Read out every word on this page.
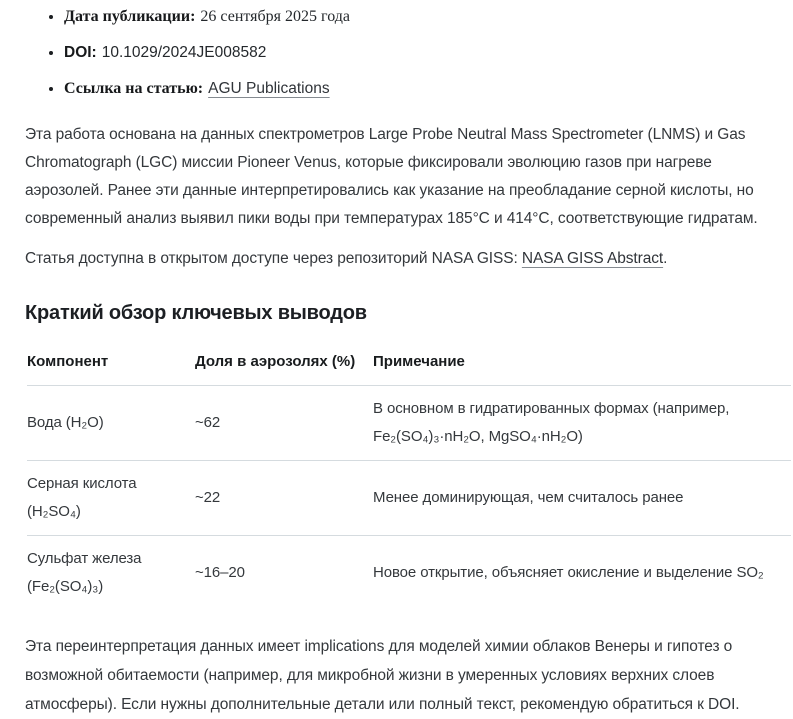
• Дата публикации: 26 сентября 2025 года
• DOI: 10.1029/2024JE008582
• Ссылка на статью: AGU Publications

Эта работа основана на данных спектрометров Large Probe Neutral Mass Spectrometer (LNMS) и Gas Chromatograph (LGC) миссии Pioneer Venus, которые фиксировали эволюцию газов при нагреве аэрозолей. Ранее эти данные интерпретировались как указание на преобладание серной кислоты, но современный анализ выявил пики воды при температурах 185°C и 414°C, соответствующие гидратам.

Статья доступна в открытом доступе через репозиторий NASA GISS: NASA GISS Abstract.

Краткий обзор ключевых выводов
Компонент	Доля в аэрозолях (%)	Примечание
Вода (H₂O)	~62	В основном в гидратированных формах (например, Fe₂(SO₄)₃·nH₂O, MgSO₄·nH₂O)
Серная кислота (H₂SO₄)	~22	Менее доминирующая, чем считалось ранее
Сульфат железа (Fe₂(SO₄)₃)	~16–20	Новое открытие, объясняет окисление и выделение SO₂

Эта переинтерпретация данных имеет implications для моделей химии облаков Венеры и гипотез о возможной обитаемости (например, для микробной жизни в умеренных условиях верхних слоев атмосферы). Если нужны дополнительные детали или полный текст, рекомендую обратиться к DOI.
